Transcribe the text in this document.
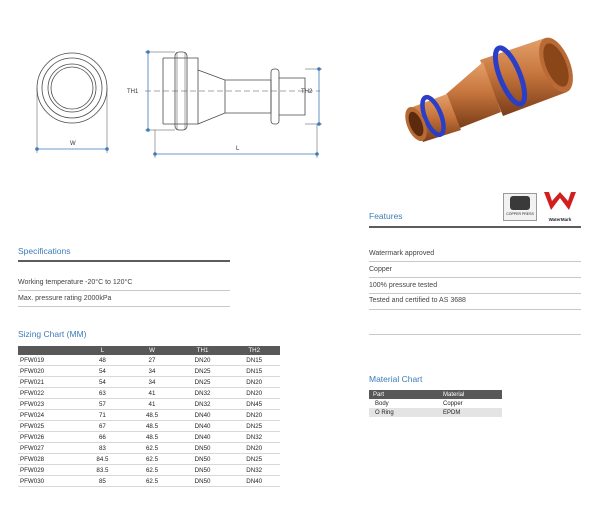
W
L
TH1	TH2
COPPER PRESS
WaterMark
Features
Watermark approved
Copper
100% pressure tested
Tested and certified to AS 3688
Specifications
Working temperature -20°C to 120°C
Max. pressure rating 2000kPa
Sizing Chart (MM)
	L	W	TH1	TH2
PFW019	48	27	DN20	DN15
PFW020	54	34	DN25	DN15
PFW021	54	34	DN25	DN20
PFW022	63	41	DN32	DN20
PFW023	57	41	DN32	DN45
PFW024	71	48.5	DN40	DN20
PFW025	67	48.5	DN40	DN25
PFW026	66	48.5	DN40	DN32
PFW027	83	62.5	DN50	DN20
PFW028	84.5	62.5	DN50	DN25
PFW029	83.5	62.5	DN50	DN32
PFW030	85	62.5	DN50	DN40
Material Chart
Part	Material
Body	Copper
O Ring	EPDM
